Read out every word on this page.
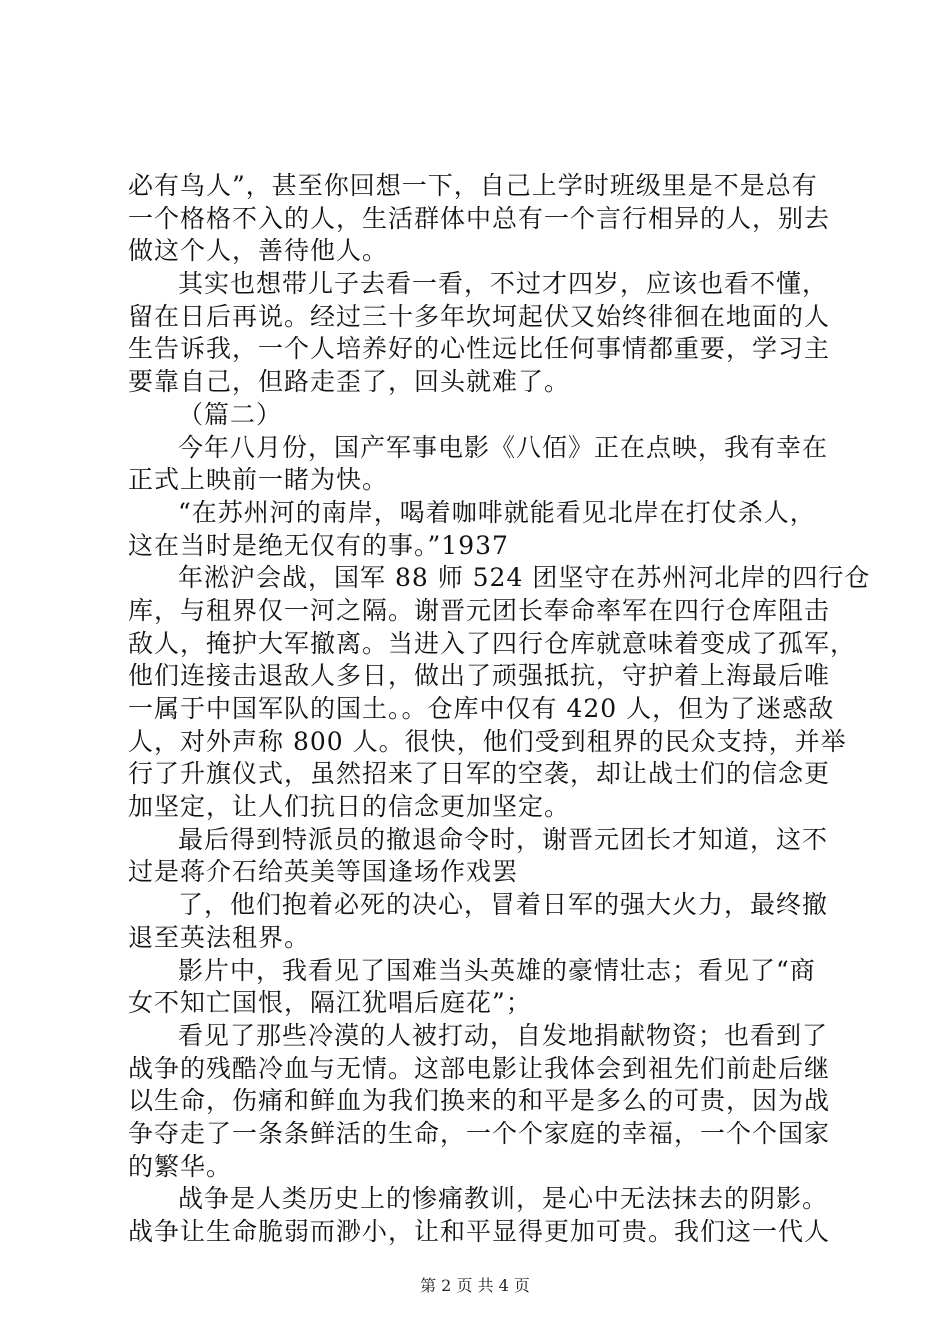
必有鸟人”，甚至你回想一下，自己上学时班级里是不是总有
一个格格不入的人，生活群体中总有一个言行相异的人，别去
做这个人，善待他人。
其实也想带儿子去看一看，不过才四岁，应该也看不懂，
留在日后再说。经过三十多年坎坷起伏又始终徘徊在地面的人
生告诉我，一个人培养好的心性远比任何事情都重要，学习主
要靠自己，但路走歪了，回头就难了。
（篇二）
今年八月份，国产军事电影《八佰》正在点映，我有幸在
正式上映前一睹为快。
“在苏州河的南岸，喝着咖啡就能看见北岸在打仗杀人，
这在当时是绝无仅有的事。”1937
年淞沪会战，国军 88 师 524 团坚守在苏州河北岸的四行仓
库，与租界仅一河之隔。谢晋元团长奉命率军在四行仓库阻击
敌人，掩护大军撤离。当进入了四行仓库就意味着变成了孤军，
他们连接击退敌人多日，做出了顽强抵抗，守护着上海最后唯
一属于中国军队的国土。。仓库中仅有 420 人，但为了迷惑敌
人，对外声称 800 人。很快，他们受到租界的民众支持，并举
行了升旗仪式，虽然招来了日军的空袭，却让战士们的信念更
加坚定，让人们抗日的信念更加坚定。
最后得到特派员的撤退命令时，谢晋元团长才知道，这不
过是蒋介石给英美等国逢场作戏罢
了，他们抱着必死的决心，冒着日军的强大火力，最终撤
退至英法租界。
影片中，我看见了国难当头英雄的豪情壮志；看见了“商
女不知亡国恨，隔江犹唱后庭花”；
看见了那些冷漠的人被打动，自发地捐献物资；也看到了
战争的残酷冷血与无情。这部电影让我体会到祖先们前赴后继
以生命，伤痛和鲜血为我们换来的和平是多么的可贵，因为战
争夺走了一条条鲜活的生命，一个个家庭的幸福，一个个国家
的繁华。
战争是人类历史上的惨痛教训，是心中无法抹去的阴影。
战争让生命脆弱而渺小，让和平显得更加可贵。我们这一代人
第 2 页 共 4 页
